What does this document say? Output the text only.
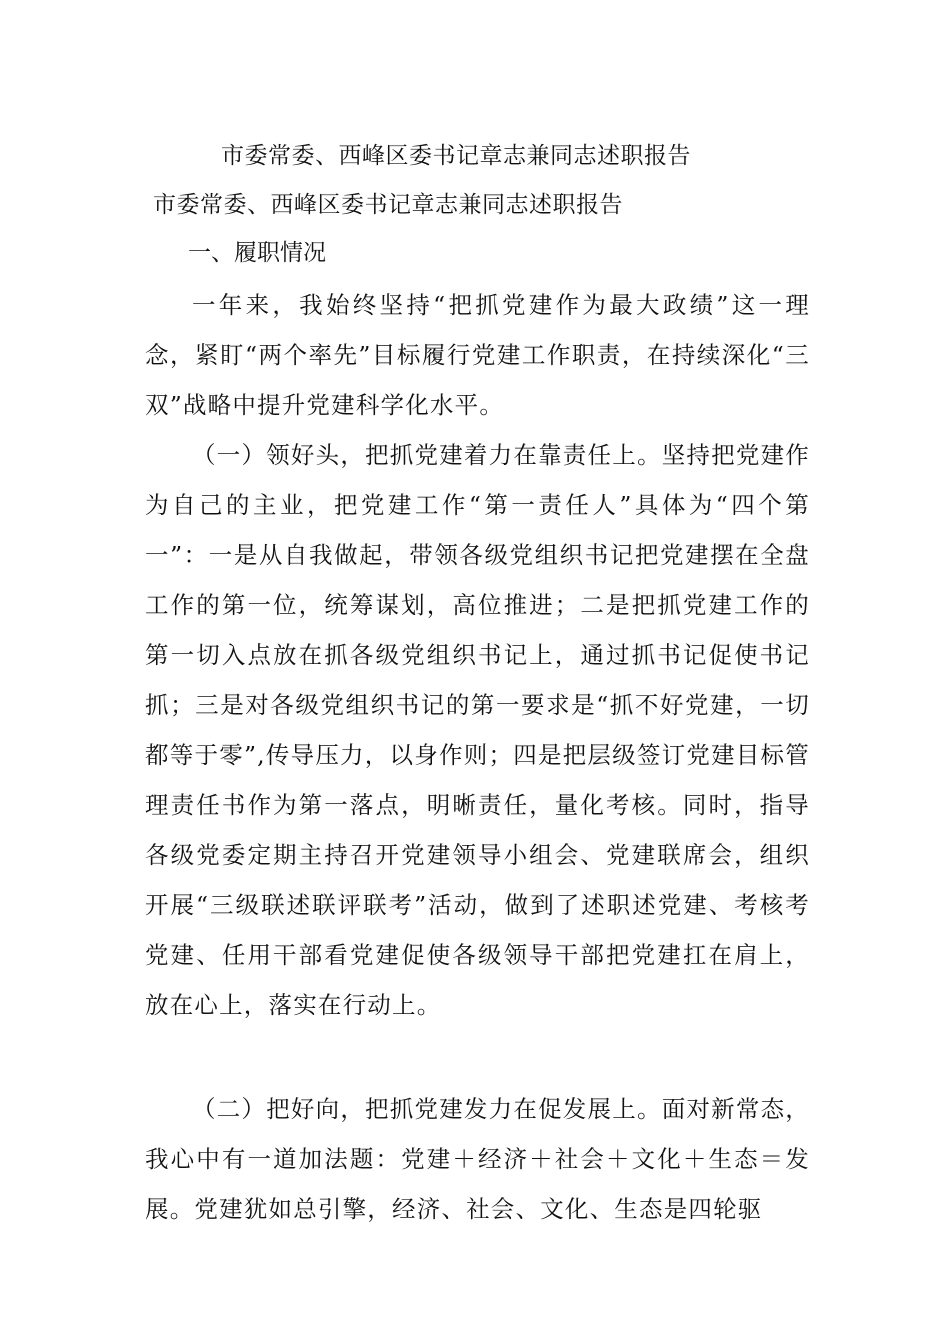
市委常委、西峰区委书记章志兼同志述职报告
市委常委、西峰区委书记章志兼同志述职报告
一、履职情况

一年来，我始终坚持“把抓党建作为最大政绩”这一理念，紧盯“两个率先”目标履行党建工作职责，在持续深化“三双”战略中提升党建科学化水平。

（一）领好头，把抓党建着力在靠责任上。坚持把党建作为自己的主业，把党建工作“第一责任人”具体为“四个第一”：一是从自我做起，带领各级党组织书记把党建摆在全盘工作的第一位，统筹谋划，高位推进；二是把抓党建工作的第一切入点放在抓各级党组织书记上，通过抓书记促使书记抓；三是对各级党组织书记的第一要求是“抓不好党建，一切都等于零”,传导压力，以身作则；四是把层级签订党建目标管理责任书作为第一落点，明晰责任，量化考核。同时，指导各级党委定期主持召开党建领导小组会、党建联席会，组织开展“三级联述联评联考”活动，做到了述职述党建、考核考党建、任用干部看党建促使各级领导干部把党建扛在肩上，放在心上，落实在行动上。

（二）把好向，把抓党建发力在促发展上。面对新常态，我心中有一道加法题：党建＋经济＋社会＋文化＋生态＝发展。党建犹如总引擎，经济、社会、文化、生态是四轮驱
